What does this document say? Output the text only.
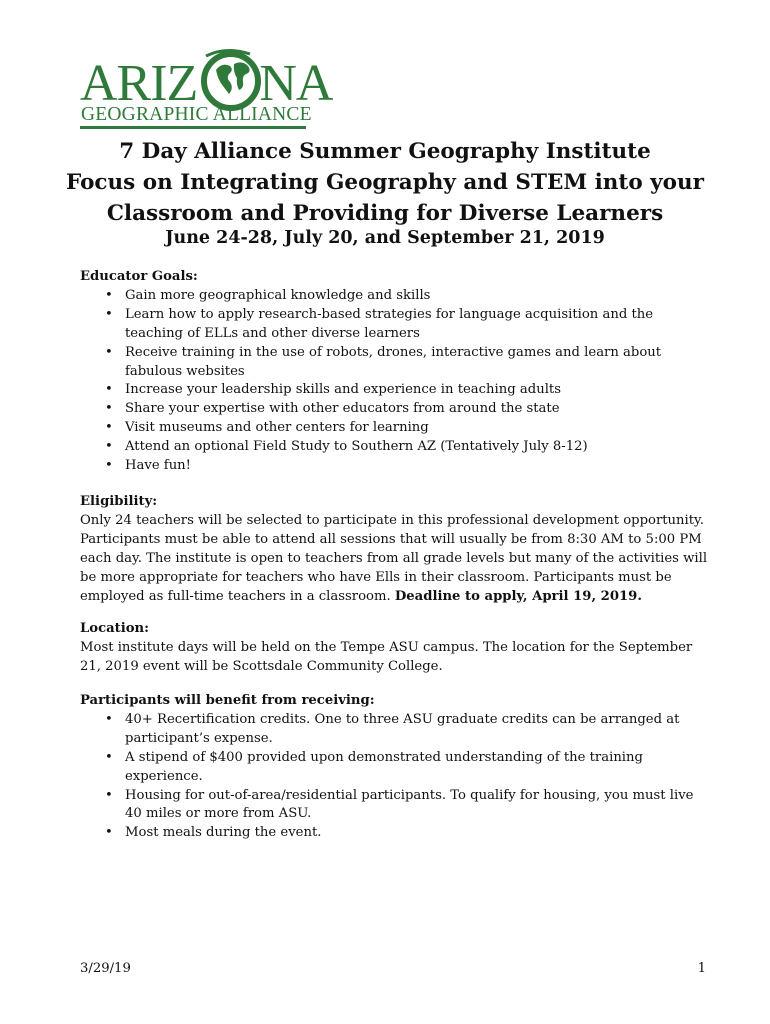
ARIZ NA
GEOGRAPHIC ALLIANCE
7 Day Alliance Summer Geography Institute
Focus on Integrating Geography and STEM into your
Classroom and Providing for Diverse Learners
June 24-28, July 20, and September 21, 2019
Educator Goals:
• Gain more geographical knowledge and skills
• Learn how to apply research-based strategies for language acquisition and the teaching of ELLs and other diverse learners
• Receive training in the use of robots, drones, interactive games and learn about fabulous websites
• Increase your leadership skills and experience in teaching adults
• Share your expertise with other educators from around the state
• Visit museums and other centers for learning
• Attend an optional Field Study to Southern AZ (Tentatively July 8-12)
• Have fun!
Eligibility:

Only 24 teachers will be selected to participate in this professional development opportunity. Participants must be able to attend all sessions that will usually be from 8:30 AM to 5:00 PM each day. The institute is open to teachers from all grade levels but many of the activities will be more appropriate for teachers who have Ells in their classroom. Participants must be employed as full-time teachers in a classroom. Deadline to apply, April 19, 2019.

Location:

Most institute days will be held on the Tempe ASU campus. The location for the September 21, 2019 event will be Scottsdale Community College.

Participants will benefit from receiving:
• 40+ Recertification credits. One to three ASU graduate credits can be arranged at participant’s expense.
• A stipend of $400 provided upon demonstrated understanding of the training experience.
• Housing for out-of-area/residential participants. To qualify for housing, you must live 40 miles or more from ASU.
• Most meals during the event.
3/29/19	1
